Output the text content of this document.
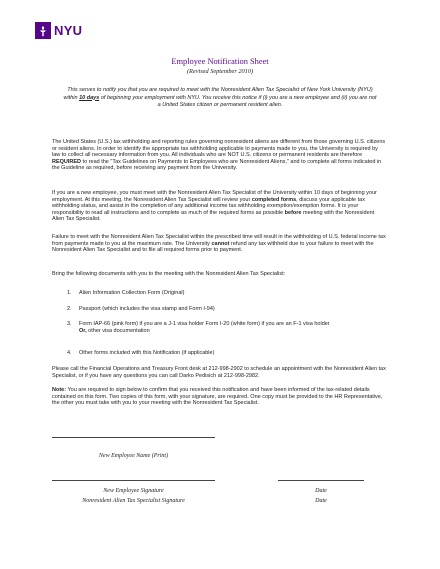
NYU
Employee Notification Sheet
(Revised September 2010)
This serves to notify you that you are required to meet with the Nonresident Alien Tax Specialist of New York University (NYU) within 10 days of beginning your employment with NYU. You receive this notice if (i) you are a new employee and (ii) you are not a United States citizen or permanent resident alien.
The United States (U.S.) tax withholding and reporting rules governing nonresident aliens are different from those governing U.S. citizens or resident aliens. In order to identify the appropriate tax withholding applicable to payments made to you, the University is required by law to collect all necessary information from you. All individuals who are NOT U.S. citizens or permanent residents are therefore REQUIRED to read the "Tax Guidelines on Payments to Employees who are Nonresident Aliens," and to complete all forms indicated in the Guideline as required, before receiving any payment from the University.
If you are a new employee, you must meet with the Nonresident Alien Tax Specialist of the University within 10 days of beginning your employment. At this meeting, the Nonresident Alien Tax Specialist will review your completed forms, discuss your applicable tax withholding status, and assist in the completion of any additional income tax withholding exemption/exemption forms. It is your responsibility to read all instructions and to complete as much of the required forms as possible before meeting with the Nonresident Alien Tax Specialist.
Failure to meet with the Nonresident Alien Tax Specialist within the prescribed time will result in the withholding of U.S. federal income tax from payments made to you at the maximum rate. The University cannot refund any tax withheld due to your failure to meet with the Nonresident Alien Tax Specialist and to file all required forms prior to payment.
Bring the following documents with you to the meeting with the Nonresident Alien Tax Specialist:
1. Alien Information Collection Form (Original)
2. Passport (which includes the visa stamp and Form I-94)
3. Form IAP-66 (pink form) if you are a J-1 visa holder Form I-20 (white form) if you are an F-1 visa holder
Or, other visa documentation
4. Other forms included with this Notification (if applicable)
Please call the Financial Operations and Treasury Front desk at 212-998-2902 to schedule an appointment with the Nonresident Alien tax Specialist, or if you have any questions you can call Darko Pedisich at 212-998-2982.
Note: You are required to sign below to confirm that you received this notification and have been informed of the tax-related details contained on this form. Two copies of this form, with your signature, are required. One copy must be provided to the HR Representative, the other you must take with you to your meeting with the Nonresident Tax Specialist.
New Employee Name (Print)
New Employee Signature	Date
Nonresident Alien Tax Specialist Signature	Date
